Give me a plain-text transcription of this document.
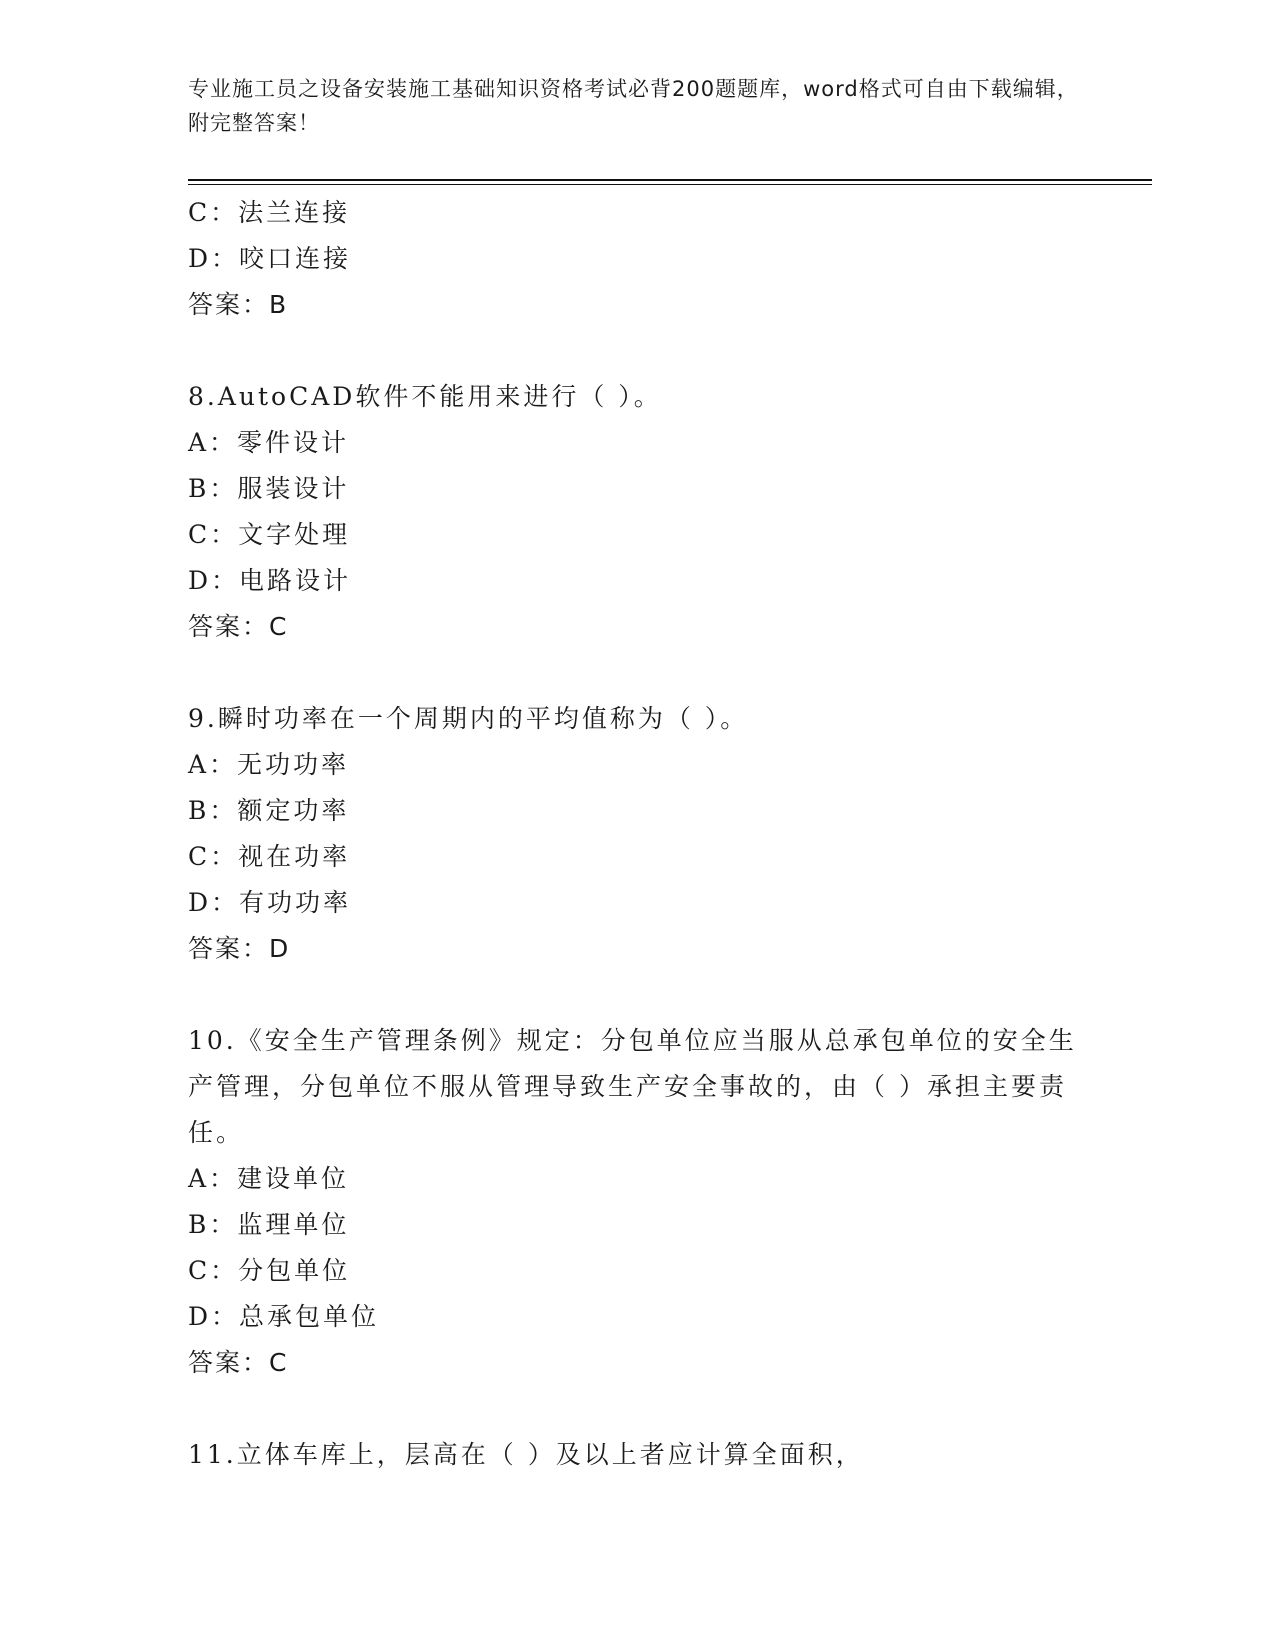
专业施工员之设备安装施工基础知识资格考试必背200题题库，word格式可自由下载编辑，附完整答案！
C：法兰连接
D：咬口连接
答案：B
8.AutoCAD软件不能用来进行（ ）。
A：零件设计
B：服装设计
C：文字处理
D：电路设计
答案：C
9.瞬时功率在一个周期内的平均值称为（ ）。
A：无功功率
B：额定功率
C：视在功率
D：有功功率
答案：D
10.《安全生产管理条例》规定：分包单位应当服从总承包单位的安全生产管理，分包单位不服从管理导致生产安全事故的，由（ ）承担主要责任。
A：建设单位
B：监理单位
C：分包单位
D：总承包单位
答案：C
11.立体车库上，层高在（ ）及以上者应计算全面积，
